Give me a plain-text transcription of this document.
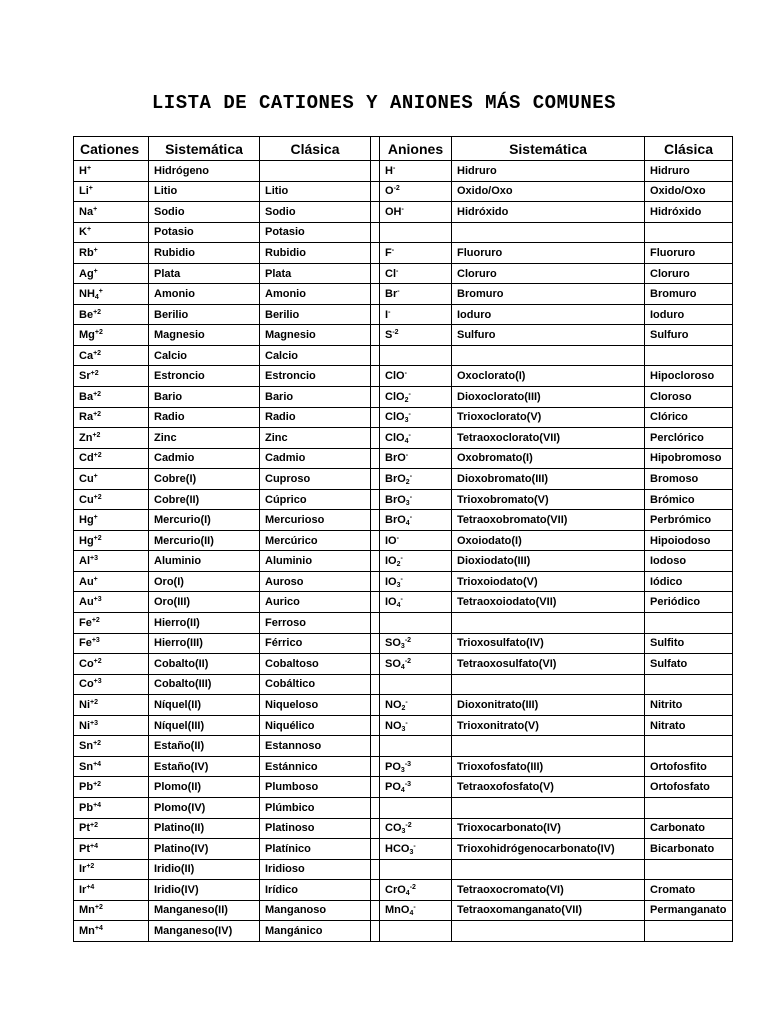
LISTA DE CATIONES Y ANIONES MÁS COMUNES
Cationes	Sistemática	Clásica		Aniones	Sistemática	Clásica
H+	Hidrógeno			H-	Hidruro	Hidruro
Li+	Litio	Litio		$O^{-2}$	Oxido/Oxo	Oxido/Oxo
Na+	Sodio	Sodio		OH-	Hidróxido	Hidróxido
K+	Potasio	Potasio				
Rb+	Rubidio	Rubidio		F-	Fluoruro	Fluoruro
Ag+	Plata	Plata		Cl-	Cloruro	Cloruro
$NH_4^+$	Amonio	Amonio		Br-	Bromuro	Bromuro
$Be^{+2}$	Berilio	Berilio		I-	Ioduro	Ioduro
$Mg^{+2}$	Magnesio	Magnesio		$S^{-2}$	Sulfuro	Sulfuro
$Ca^{+2}$	Calcio	Calcio				
$Sr^{+2}$	Estroncio	Estroncio		ClO-	Oxoclorato(I)	Hipocloroso
$Ba^{+2}$	Bario	Bario		ClO$_2$-	Dioxoclorato(III)	Cloroso
$Ra^{+2}$	Radio	Radio		ClO$_3$-	Trioxoclorato(V)	Clórico
$Zn^{+2}$	Zinc	Zinc		ClO$_4$-	Tetraoxoclorato(VII)	Perclórico
$Cd^{+2}$	Cadmio	Cadmio		BrO-	Oxobromato(I)	Hipobromoso
Cu+	Cobre(I)	Cuproso		BrO$_2$-	Dioxobromato(III)	Bromoso
$Cu^{+2}$	Cobre(II)	Cúprico		BrO$_3$-	Trioxobromato(V)	Brómico
Hg+	Mercurio(I)	Mercurioso		BrO$_4$-	Tetraoxobromato(VII)	Perbrómico
$Hg^{+2}$	Mercurio(II)	Mercúrico		IO-	Oxoiodato(I)	Hipoiodoso
$Al^{+3}$	Aluminio	Aluminio		$IO_2^-$	Dioxiodato(III)	Iodoso
Au+	Oro(I)	Auroso		$IO_3^-$	Trioxoiodato(V)	Iódico
$Au^{+3}$	Oro(III)	Aurico		$IO_4^-$	Tetraoxoiodato(VII)	Periódico
$Fe^{+2}$	Hierro(II)	Ferroso				
$Fe^{+3}$	Hierro(III)	Férrico		$SO_3^{-2}$	Trioxosulfato(IV)	Sulfito
$Co^{+2}$	Cobalto(II)	Cobaltoso		$SO_4^{-2}$	Tetraoxosulfato(VI)	Sulfato
$Co^{+3}$	Cobalto(III)	Cobáltico				
$Ni^{+2}$	Níquel(II)	Niqueloso		$NO_2^-$	Dioxonitrato(III)	Nitrito
$Ni^{+3}$	Níquel(III)	Niquélico		$NO_3^-$	Trioxonitrato(V)	Nitrato
$Sn^{+2}$	Estaño(II)	Estannoso				
$Sn^{+4}$	Estaño(IV)	Estánnico		$PO_3^{-3}$	Trioxofosfato(III)	Ortofosfito
$Pb^{+2}$	Plomo(II)	Plumboso		$PO_4^{-3}$	Tetraoxofosfato(V)	Ortofosfato
$Pb^{+4}$	Plomo(IV)	Plúmbico				
$Pt^{+2}$	Platino(II)	Platinoso		$CO_3^{-2}$	Trioxocarbonato(IV)	Carbonato
$Pt^{+4}$	Platino(IV)	Platínico		$HCO_3^-$	Trioxohidrógenocarbonato(IV)	Bicarbonato
$Ir^{+2}$	Iridio(II)	Iridioso				
$Ir^{+4}$	Iridio(IV)	Irídico		CrO$_4^{-2}$	Tetraoxocromato(VI)	Cromato
$Mn^{+2}$	Manganeso(II)	Manganoso		MnO$_4$-	Tetraoxomanganato(VII)	Permanganato
$Mn^{+4}$	Manganeso(IV)	Mangánico				
